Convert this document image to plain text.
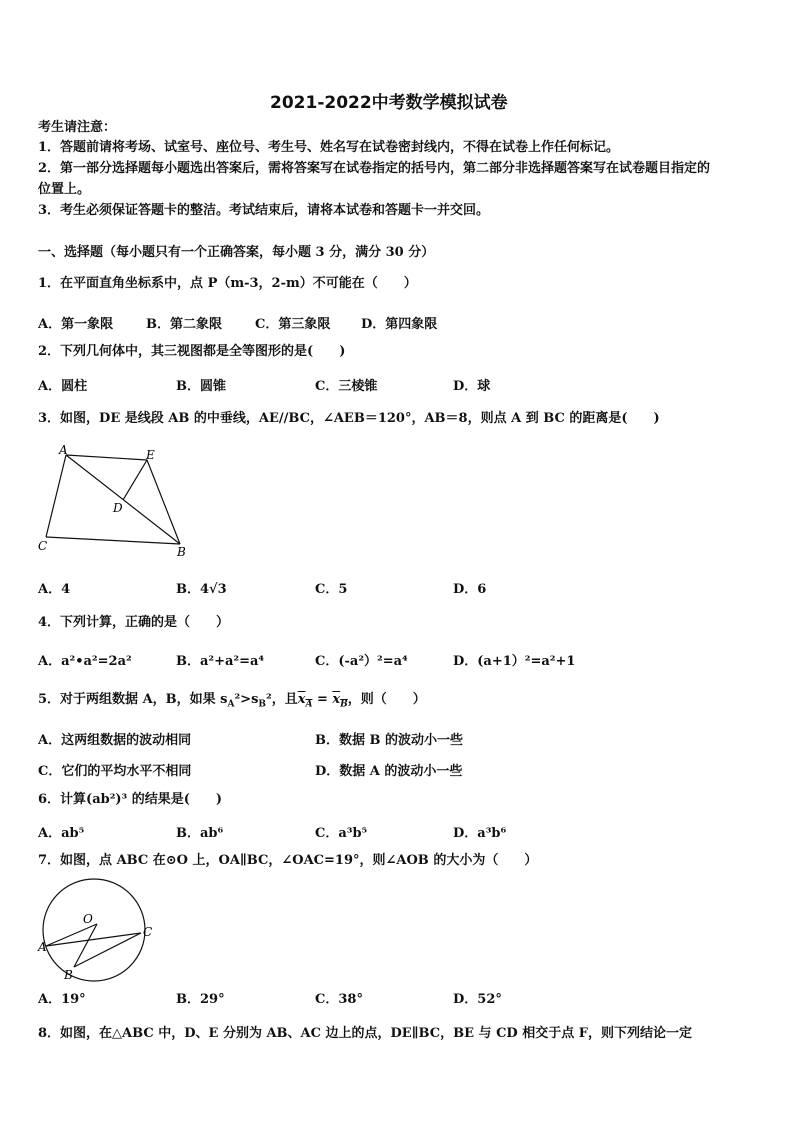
2021-2022中考数学模拟试卷
考生请注意：
1．答题前请将考场、试室号、座位号、考生号、姓名写在试卷密封线内，不得在试卷上作任何标记。
2．第一部分选择题每小题选出答案后，需将答案写在试卷指定的括号内，第二部分非选择题答案写在试卷题目指定的
位置上。
3．考生必须保证答题卡的整洁。考试结束后，请将本试卷和答题卡一并交回。
一、选择题（每小题只有一个正确答案，每小题 3 分，满分 30 分）
1．在平面直角坐标系中，点 P（m-3，2-m）不可能在（　　）
A．第一象限	B．第二象限	C．第三象限 D．第四象限
2．下列几何体中，其三视图都是全等图形的是(　　)
A．圆柱	B．圆锥	C．三棱锥	D．球
3．如图，DE 是线段 AB 的中垂线，AE//BC，∠AEB＝120°，AB＝8，则点 A 到 BC 的距离是(　　)
A	E
D
C	B
A．4	B．4√3	C．5	D．6
4．下列计算，正确的是（　　）
A．a²•a²=2a²	B．a²+a²=a⁴	C．(-a²）²=a⁴	D．(a+1）²=a²+1
5．对于两组数据 A，B，如果 $s_A^2>s_B^2$，且$x_A = x_B$，则（　　）
A．这两组数据的波动相同	B．数据 B 的波动小一些
C．它们的平均水平不相同	D．数据 A 的波动小一些
6．计算(ab²)³ 的结果是(　　)
A．ab⁵	B．ab⁶	C．a³b⁵	D．a³b⁶
7．如图，点 ABC 在⊙O 上，OA∥BC，∠OAC=19°，则∠AOB 的大小为（　　）
O
A
C
B
A．19°	B．29°	C．38°	D．52°
8．如图，在△ABC 中，D、E 分别为 AB、AC 边上的点，DE∥BC，BE 与 CD 相交于点 F，则下列结论一定
